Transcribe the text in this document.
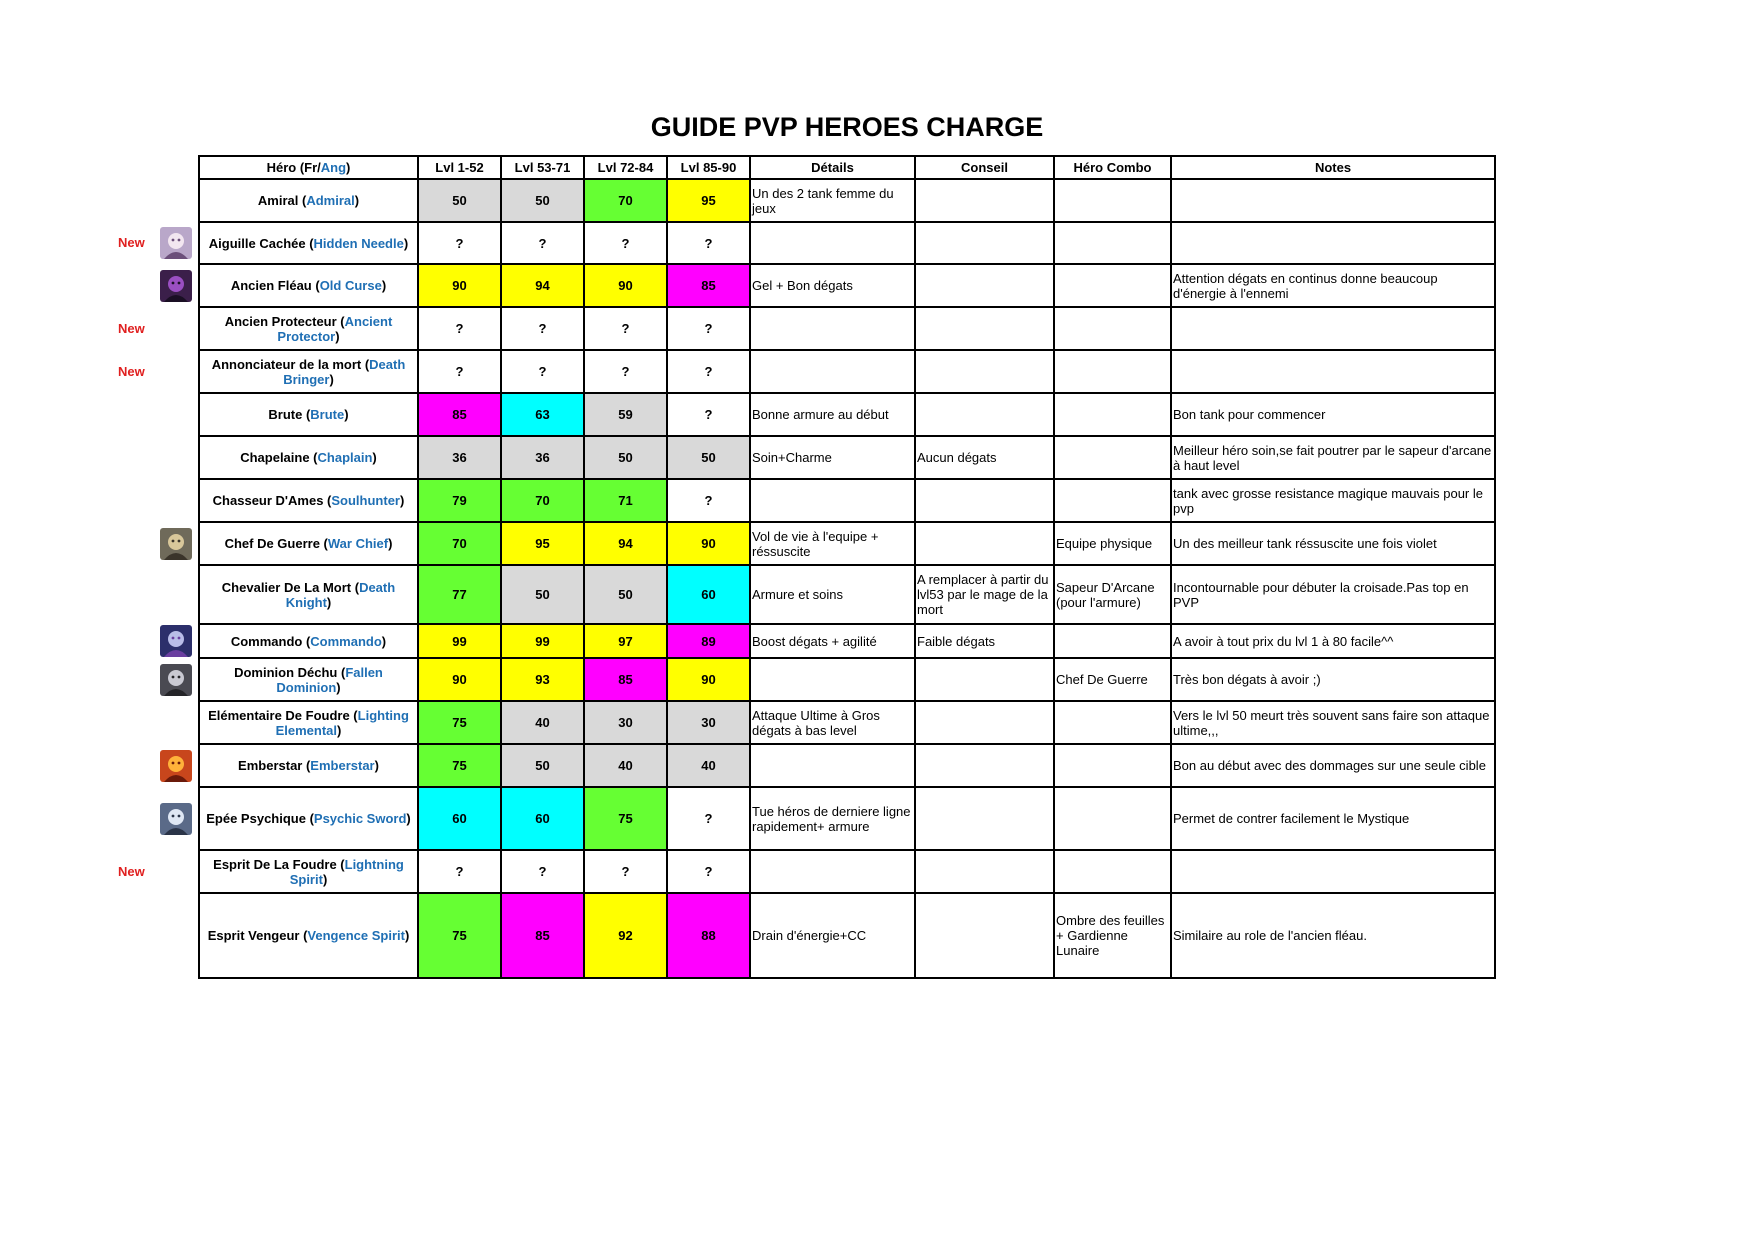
GUIDE PVP HEROES CHARGE
Héro (Fr/Ang)	Lvl 1-52	Lvl 53-71	Lvl 72-84	Lvl 85-90	Détails	Conseil	Héro Combo	Notes
Amiral (Admiral)	50	50	70	95	Un des 2 tank femme du jeux			
Aiguille Cachée (Hidden Needle)	?	?	?	?				
Ancien Fléau (Old Curse)	90	94	90	85	Gel + Bon dégats			Attention dégats en continus donne beaucoup d'énergie à l'ennemi
Ancien Protecteur (Ancient Protector)	?	?	?	?				
Annonciateur de la mort (Death Bringer)	?	?	?	?				
Brute (Brute)	85	63	59	?	Bonne armure au début			Bon tank pour commencer
Chapelaine (Chaplain)	36	36	50	50	Soin+Charme	Aucun dégats		Meilleur héro soin,se fait poutrer par le sapeur d'arcane à haut level
Chasseur D'Ames (Soulhunter)	79	70	71	?				tank avec grosse resistance magique mauvais pour le pvp
Chef De Guerre (War Chief)	70	95	94	90	Vol de vie à l'equipe + réssuscite		Equipe physique	Un des meilleur tank réssuscite une fois violet
Chevalier De La Mort (Death Knight)	77	50	50	60	Armure et soins	A remplacer à partir du lvl53 par le mage de la mort	Sapeur D'Arcane (pour l'armure)	Incontournable pour débuter la croisade.Pas top en PVP
Commando (Commando)	99	99	97	89	Boost dégats + agilité	Faible dégats		A avoir à tout prix du lvl 1 à 80 facile^^
Dominion Déchu (Fallen Dominion)	90	93	85	90			Chef De Guerre	Très bon dégats à avoir ;)
Elémentaire De Foudre (Lighting Elemental)	75	40	30	30	Attaque Ultime à Gros dégats à bas level			Vers le lvl 50 meurt très souvent sans faire son attaque ultime,,,
Emberstar (Emberstar)	75	50	40	40				Bon au début avec des dommages sur une seule cible
Epée Psychique (Psychic Sword)	60	60	75	?	Tue héros de derniere ligne rapidement+ armure			Permet de contrer facilement le Mystique
Esprit De La Foudre (Lightning Spirit)	?	?	?	?				
Esprit Vengeur (Vengence Spirit)	75	85	92	88	Drain d'énergie+CC		Ombre des feuilles + Gardienne Lunaire	Similaire au role de l'ancien fléau.
New
New
New
New
